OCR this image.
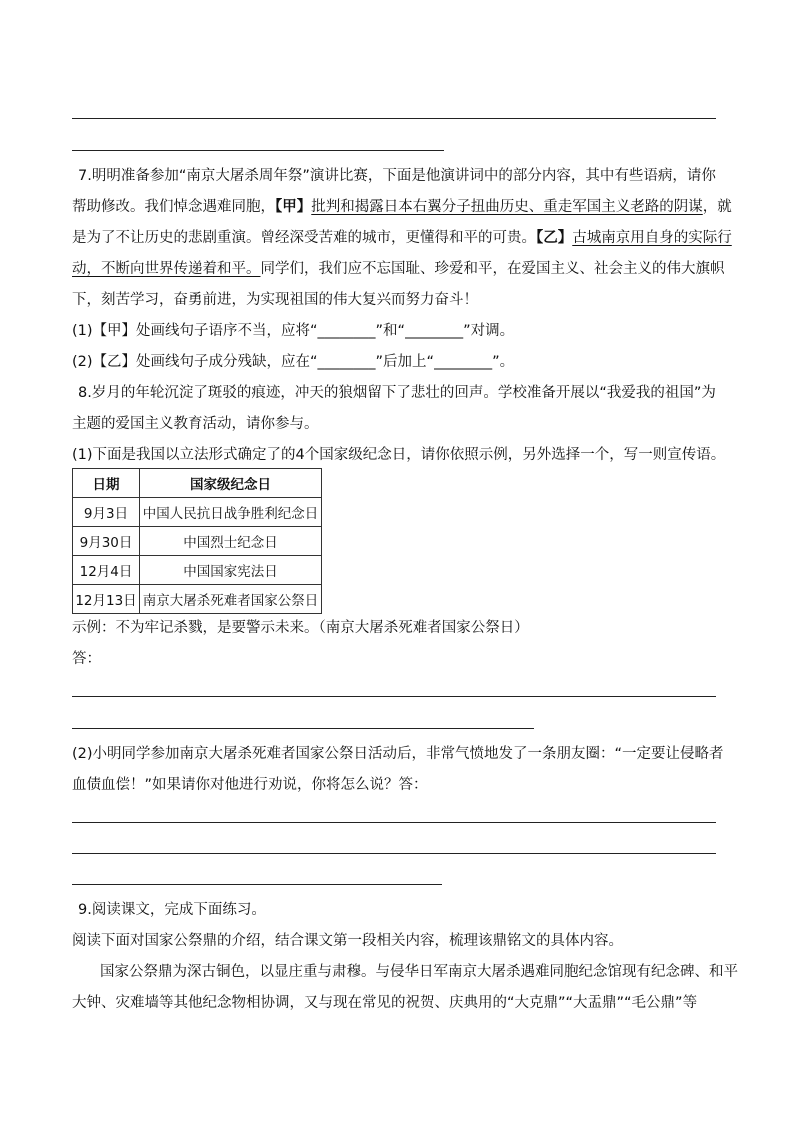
7.明明准备参加“南京大屠杀周年祭”演讲比赛，下面是他演讲词中的部分内容，其中有些语病，请你
帮助修改。我们悼念遇难同胞，【甲】批判和揭露日本右翼分子扭曲历史、重走军国主义老路的阴谋，就
是为了不让历史的悲剧重演。曾经深受苦难的城市，更懂得和平的可贵。【乙】古城南京用自身的实际行
动，不断向世界传递着和平。同学们，我们应不忘国耻、珍爱和平，在爱国主义、社会主义的伟大旗帜
下，刻苦学习，奋勇前进，为实现祖国的伟大复兴而努力奋斗！
(1)【甲】处画线句子语序不当，应将“________”和“________”对调。
(2)【乙】处画线句子成分残缺，应在“________”后加上“________”。
8.岁月的年轮沉淀了斑驳的痕迹，冲天的狼烟留下了悲壮的回声。学校准备开展以“我爱我的祖国”为
主题的爱国主义教育活动，请你参与。
(1)下面是我国以立法形式确定了的4个国家级纪念日，请你依照示例，另外选择一个，写一则宣传语。
日期	国家级纪念日
9月3日	中国人民抗日战争胜利纪念日
9月30日	中国烈士纪念日
12月4日	中国国家宪法日
12月13日	南京大屠杀死难者国家公祭日
示例：不为牢记杀戮，是要警示未来。（南京大屠杀死难者国家公祭日）
答：
(2)小明同学参加南京大屠杀死难者国家公祭日活动后，非常气愤地发了一条朋友圈：“一定要让侵略者
血债血偿！”如果请你对他进行劝说，你将怎么说？答：
9.阅读课文，完成下面练习。
阅读下面对国家公祭鼎的介绍，结合课文第一段相关内容，梳理该鼎铭文的具体内容。
国家公祭鼎为深古铜色，以显庄重与肃穆。与侵华日军南京大屠杀遇难同胞纪念馆现有纪念碑、和平
大钟、灾难墙等其他纪念物相协调，又与现在常见的祝贺、庆典用的“大克鼎”“大盂鼎”“毛公鼎”等
